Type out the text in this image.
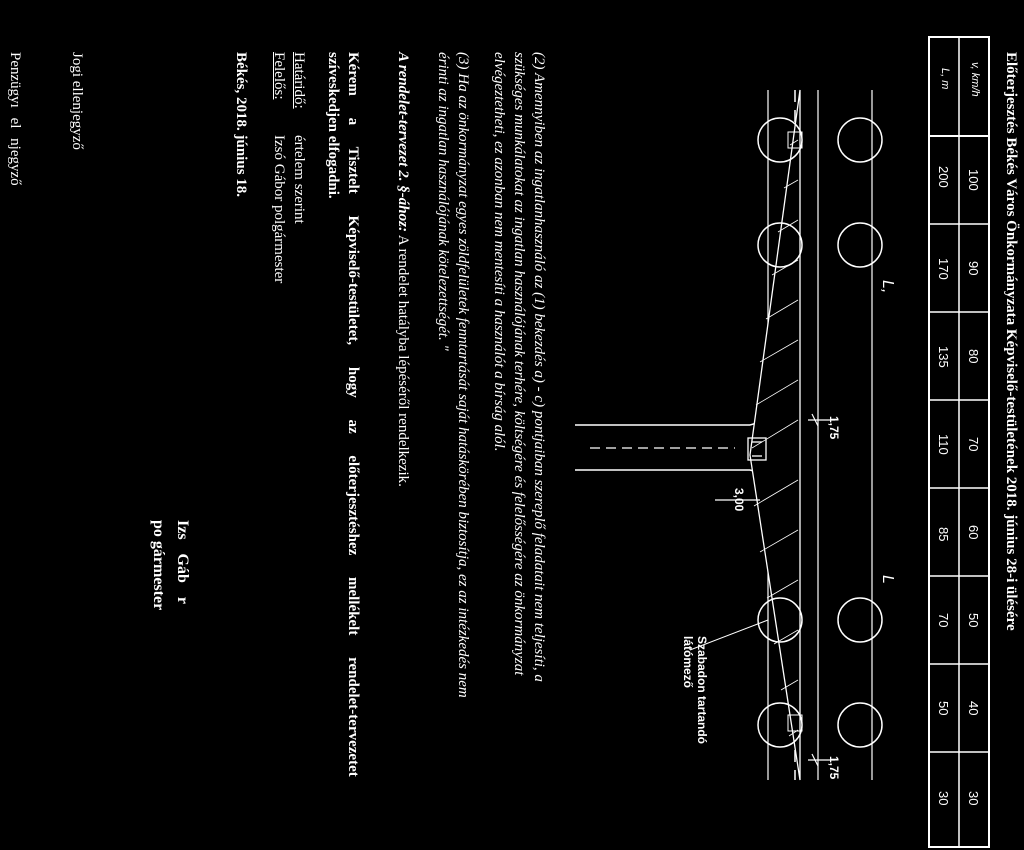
Előterjesztés Békés Város Önkormányzata Képviselő-testületének 2018. június 28-i ülésére
v, km/h
L, m
100
90
80
70
60
50
40
30
200
170
135
110
85
70
50
30
L,
L
1,75
1,75
3,00
Szabadon tartandó
látómező
(2) Amennyiben az ingatlanhasználó az (1) bekezdés a) - c) pontjaiban szereplő feladatait nem teljesíti, a
szükséges munkálatokat az ingatlan használójának terhére, költségére és felelősségére az önkormányzat
elvégeztetheti, ez azonban nem mentesíti a használót a bírság alól.
(3) Ha az önkormányzat egyes zöldfelületek fenntartását saját hatáskörében biztosítja, ez az intézkedés nem
érinti az ingatlan használójának kötelezettségét. "
A rendelet-tervezet 2. §-ához: A rendelet hatályba lépéséről rendelkezik.
Kérem a Tisztelt Képviselő-testületet, hogy az előterjesztéshez mellékelt rendelet-tervezetet
szíveskedjen elfogadni.
Határidő:
értelem szerint
Felelős:
Izsó Gábor polgármester
Békés, 2018. június 18.
Izs Gáb r
po gármester
Jogi ellenjegyző
Penzügyı el njegyző
